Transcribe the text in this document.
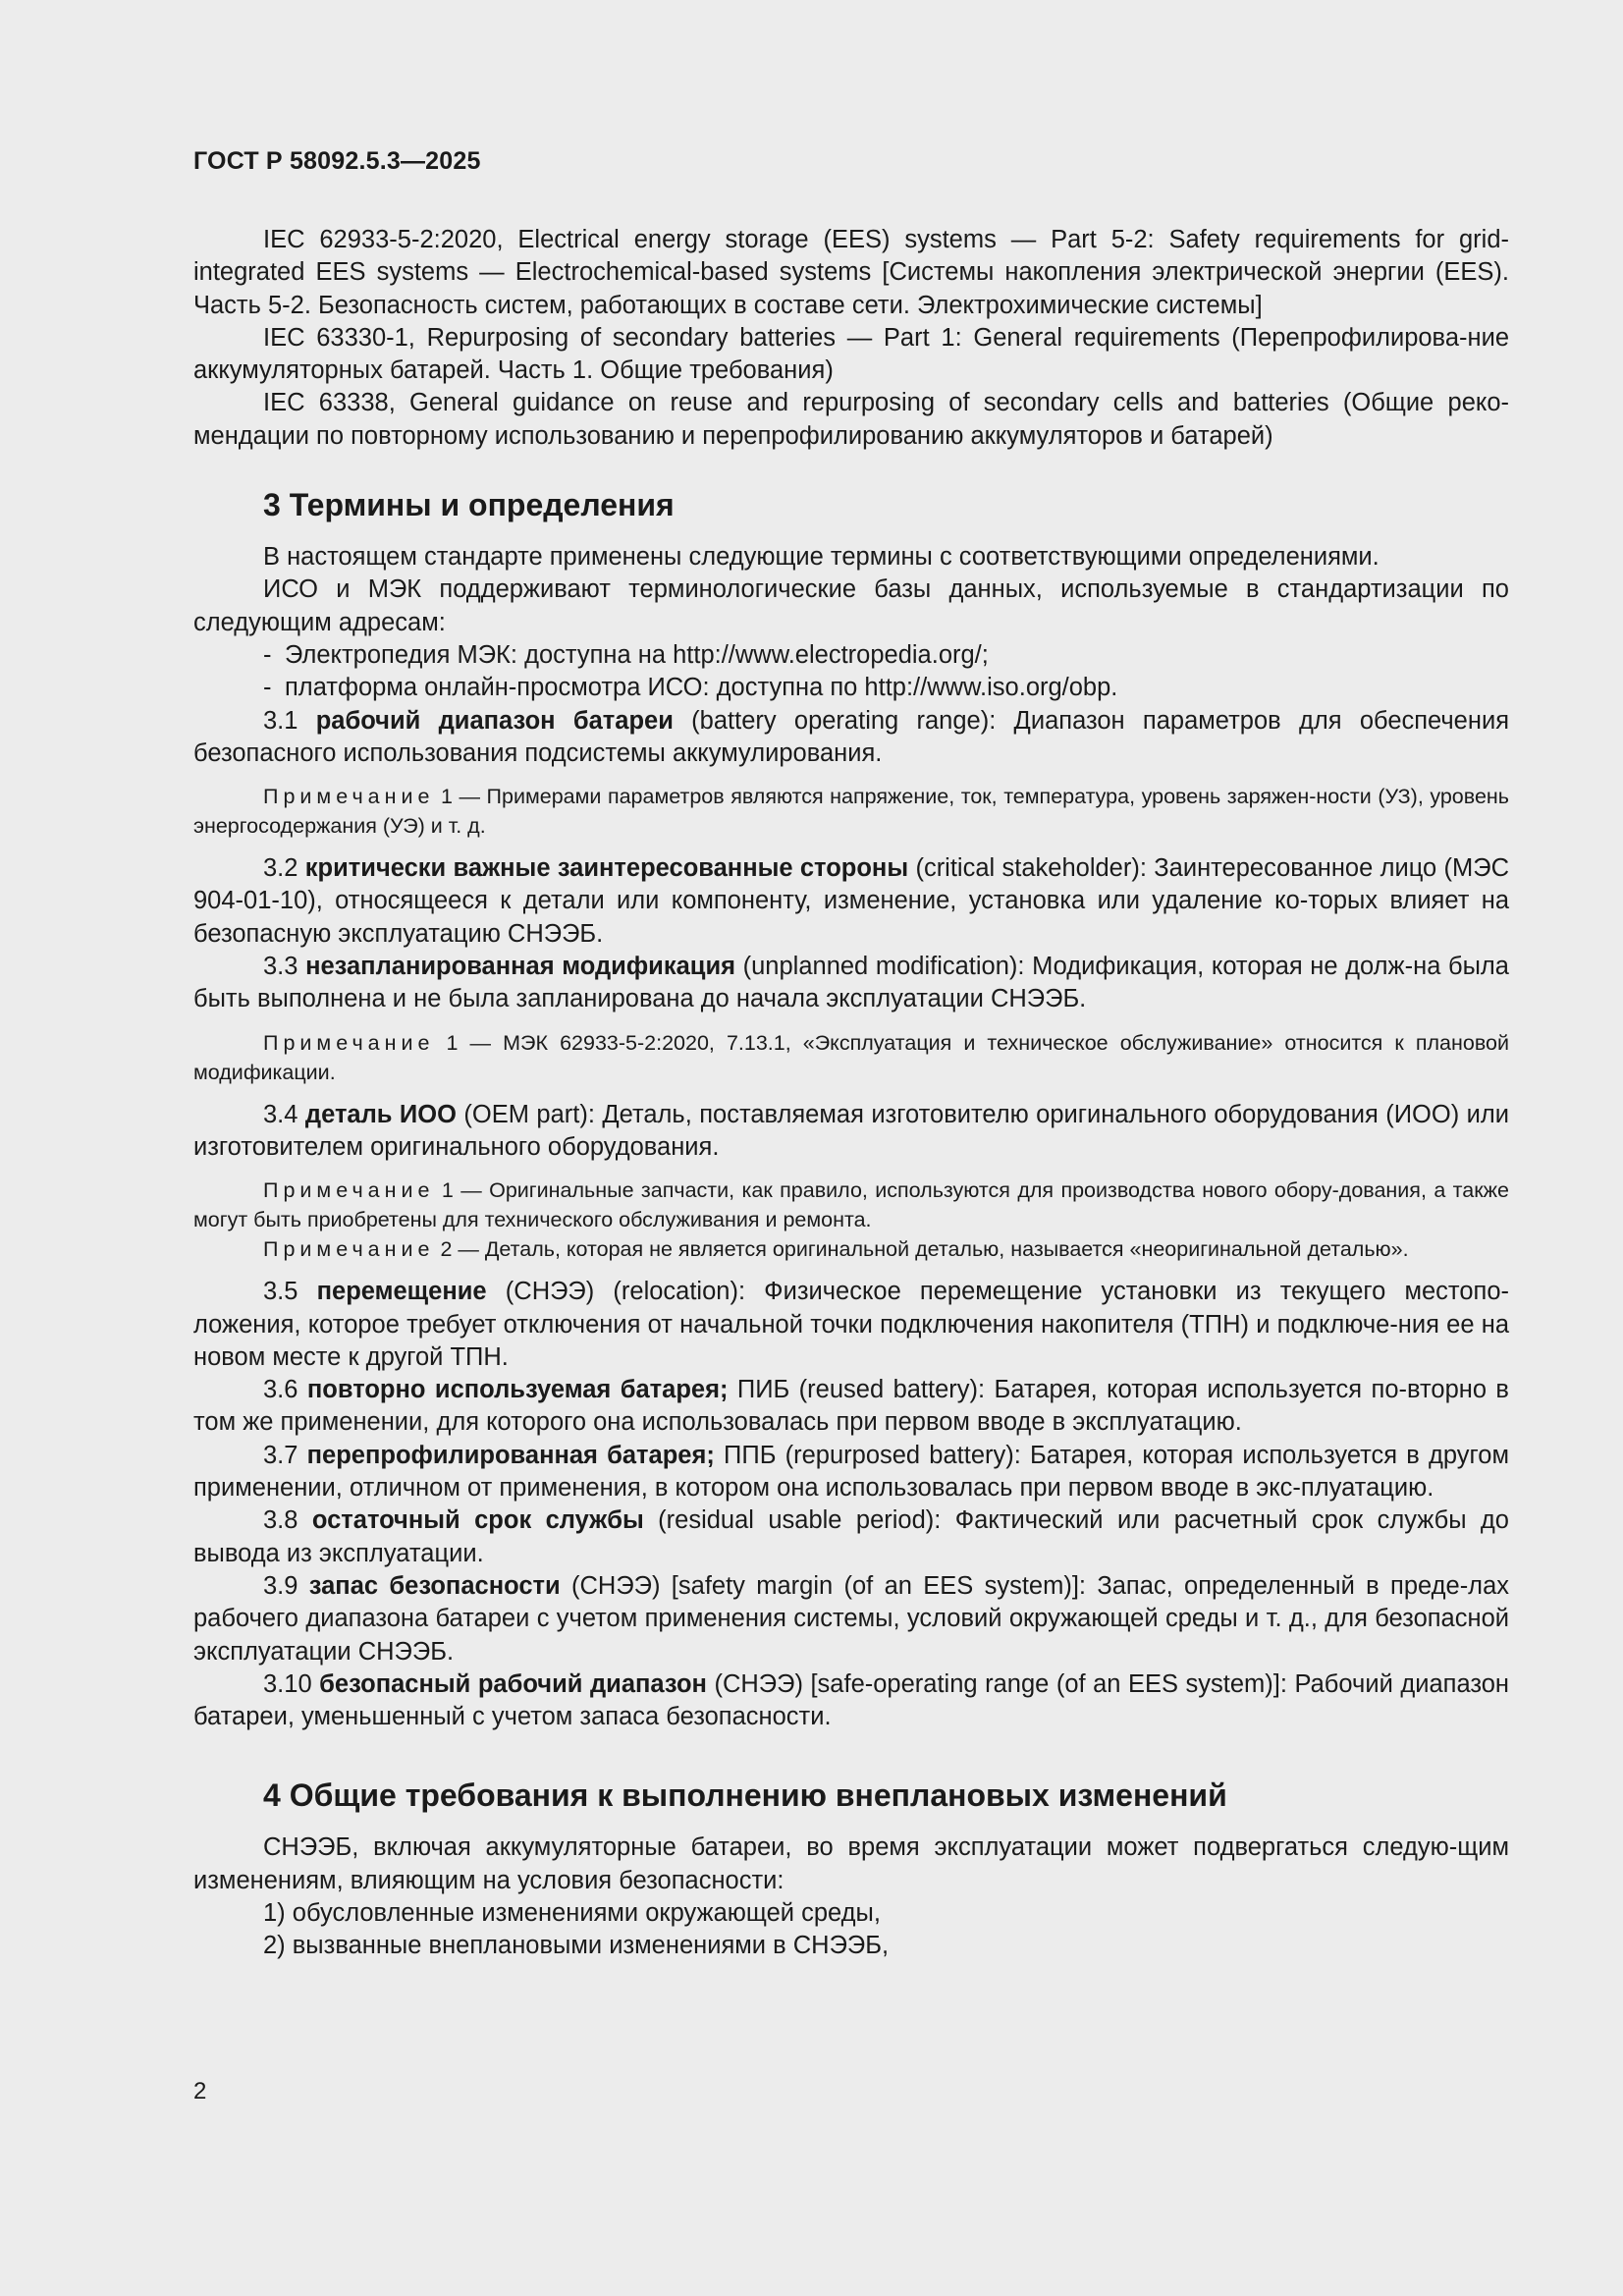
ГОСТ Р 58092.5.3—2025

IEC 62933-5-2:2020, Electrical energy storage (EES) systems — Part 5-2: Safety requirements for grid-integrated EES systems — Electrochemical-based systems [Системы накопления электрической энергии (EES). Часть 5-2. Безопасность систем, работающих в составе сети. Электрохимические системы]

IEC 63330-1, Repurposing of secondary batteries — Part 1: General requirements (Перепрофилирова-ние аккумуляторных батарей. Часть 1. Общие требования)

IEC 63338, General guidance on reuse and repurposing of secondary cells and batteries (Общие реко-мендации по повторному использованию и перепрофилированию аккумуляторов и батарей)

3 Термины и определения

В настоящем стандарте применены следующие термины с соответствующими определениями.

ИСО и МЭК поддерживают терминологические базы данных, используемые в стандартизации по следующим адресам:

- Электропедия МЭК: доступна на http://www.electropedia.org/;

- платформа онлайн-просмотра ИСО: доступна по http://www.iso.org/obp.

3.1 рабочий диапазон батареи (battery operating range): Диапазон параметров для обеспечения безопасного использования подсистемы аккумулирования.

Примечание 1 — Примерами параметров являются напряжение, ток, температура, уровень заряжен-ности (УЗ), уровень энергосодержания (УЭ) и т. д.

3.2 критически важные заинтересованные стороны (critical stakeholder): Заинтересованное лицо (МЭС 904-01-10), относящееся к детали или компоненту, изменение, установка или удаление ко-торых влияет на безопасную эксплуатацию СНЭЭБ.

3.3 незапланированная модификация (unplanned modification): Модификация, которая не долж-на была быть выполнена и не была запланирована до начала эксплуатации СНЭЭБ.

Примечание 1 — МЭК 62933-5-2:2020, 7.13.1, «Эксплуатация и техническое обслуживание» относится к плановой модификации.

3.4 деталь ИОО (OEM part): Деталь, поставляемая изготовителю оригинального оборудования (ИОО) или изготовителем оригинального оборудования.

Примечание 1 — Оригинальные запчасти, как правило, используются для производства нового обору-дования, а также могут быть приобретены для технического обслуживания и ремонта.

Примечание 2 — Деталь, которая не является оригинальной деталью, называется «неоригинальной деталью».

3.5 перемещение (СНЭЭ) (relocation): Физическое перемещение установки из текущего местопо-ложения, которое требует отключения от начальной точки подключения накопителя (ТПН) и подключе-ния ее на новом месте к другой ТПН.

3.6 повторно используемая батарея; ПИБ (reused battery): Батарея, которая используется по-вторно в том же применении, для которого она использовалась при первом вводе в эксплуатацию.

3.7 перепрофилированная батарея; ППБ (repurposed battery): Батарея, которая используется в другом применении, отличном от применения, в котором она использовалась при первом вводе в экс-плуатацию.

3.8 остаточный срок службы (residual usable period): Фактический или расчетный срок службы до вывода из эксплуатации.

3.9 запас безопасности (СНЭЭ) [safety margin (of an EES system)]: Запас, определенный в преде-лах рабочего диапазона батареи с учетом применения системы, условий окружающей среды и т. д., для безопасной эксплуатации СНЭЭБ.

3.10 безопасный рабочий диапазон (СНЭЭ) [safe-operating range (of an EES system)]: Рабочий диапазон батареи, уменьшенный с учетом запаса безопасности.

4 Общие требования к выполнению внеплановых изменений

СНЭЭБ, включая аккумуляторные батареи, во время эксплуатации может подвергаться следую-щим изменениям, влияющим на условия безопасности:

1) обусловленные изменениями окружающей среды,

2) вызванные внеплановыми изменениями в СНЭЭБ,

2
